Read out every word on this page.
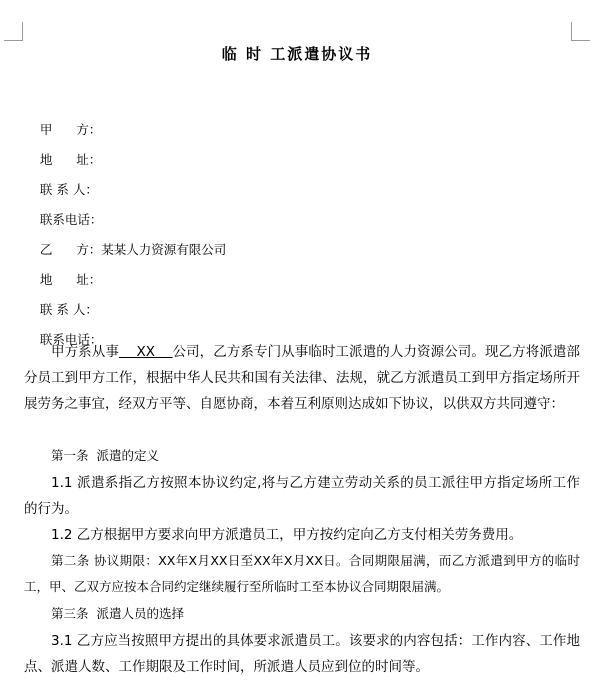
临 时 工派遣协议书

甲      方：

地      址：

联 系 人：

联系电话：

乙      方：某某人力资源有限公司

地      址：

联 系 人：

联系电话：

甲方系从事    XX    公司，乙方系专门从事临时工派遣的人力资源公司。现乙方将派遣部分员工到甲方工作，根据中华人民共和国有关法律、法规，就乙方派遣员工到甲方指定场所开展劳务之事宜，经双方平等、自愿协商，本着互利原则达成如下协议，以供双方共同遵守：

第一条  派遣的定义

1.1 派遣系指乙方按照本协议约定,将与乙方建立劳动关系的员工派往甲方指定场所工作的行为。

1.2 乙方根据甲方要求向甲方派遣员工，甲方按约定向乙方支付相关劳务费用。

第二条 协议期限：XX年X月XX日至XX年X月XX日。合同期限届满，而乙方派遣到甲方的临时工，甲、乙双方应按本合同约定继续履行至所临时工至本协议合同期限届满。

第三条  派遣人员的选择

3.1 乙方应当按照甲方提出的具体要求派遣员工。该要求的内容包括：工作内容、工作地点、派遣人数、工作期限及工作时间，所派遣人员应到位的时间等。
